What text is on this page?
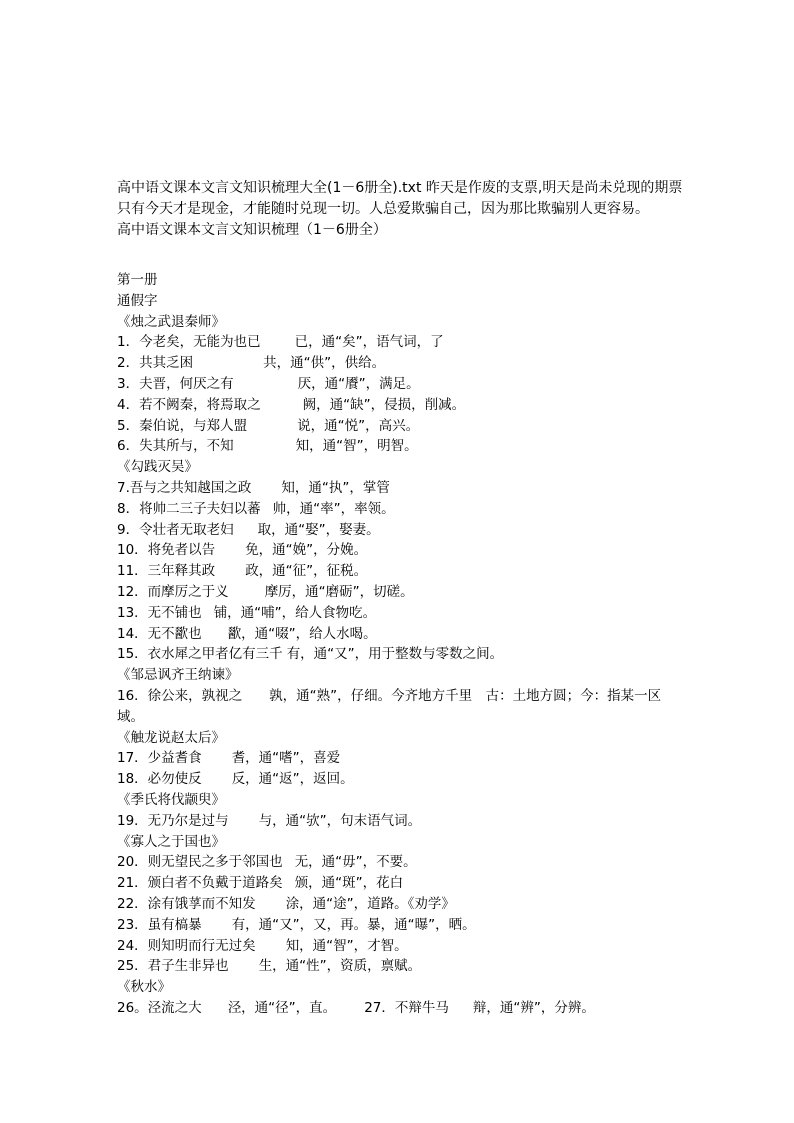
高中语文课本文言文知识梳理大全(1－6册全).txt 昨天是作废的支票,明天是尚未兑现的期票

只有今天才是现金，才能随时兑现一切。人总爱欺骗自己，因为那比欺骗别人更容易。

高中语文课本文言文知识梳理（1－6册全）

第一册
通假字
《烛之武退秦师》
1．今老矣，无能为也已	已，通“矣”，语气词，了
2．共其乏困	共，通“供”，供给。
3．夫晋，何厌之有	厌，通“餍”，满足。
4．若不阙秦，将焉取之	阙，通“缺”，侵损，削减。
5．秦伯说，与郑人盟	说，通“悦”，高兴。
6．失其所与，不知	知，通“智”，明智。
《勾践灭吴》
7.吾与之共知越国之政 知，通“执”，掌管
8．将帅二三子夫妇以蕃 帅，通“率”，率领。
9．令壮者无取老妇 取，通“娶”，娶妻。
10．将免者以告 免，通“娩”，分娩。
11．三年释其政 政，通“征”，征税。
12．而摩厉之于义	摩厉，通“磨砺”，切磋。
13．无不铺也 铺，通“哺”，给人食物吃。
14．无不歠也 歠，通“啜”，给人水喝。
15．衣水犀之甲者亿有三千 有，通“又”，用于整数与零数之间。
《邹忌讽齐王纳谏》
16．徐公来，孰视之　　孰，通“熟”，仔细。今齐地方千里　古：土地方圆；今：指某一区域。
《触龙说赵太后》
17．少益耆食 耆，通“嗜”，喜爱
18．必勿使反 反，通“返”，返回。
《季氏将伐颛臾》
19．无乃尔是过与 与，通“欤”，句末语气词。
《寡人之于国也》
20．则无望民之多于邻国也 无，通“毋”，不要。
21．颁白者不负戴于道路矣 颁，通“斑”，花白
22．涂有饿莩而不知发 涂，通“途”，道路。《劝学》
23．虽有槁暴 有，通“又”，又，再。暴，通“曝”，晒。
24．则知明而行无过矣 知，通“智”，才智。
25．君子生非异也 生，通“性”，资质，禀赋。
《秋水》
26。泾流之大 泾，通“径”，直。 27．不辩牛马 辩，通“辨”，分辨。
